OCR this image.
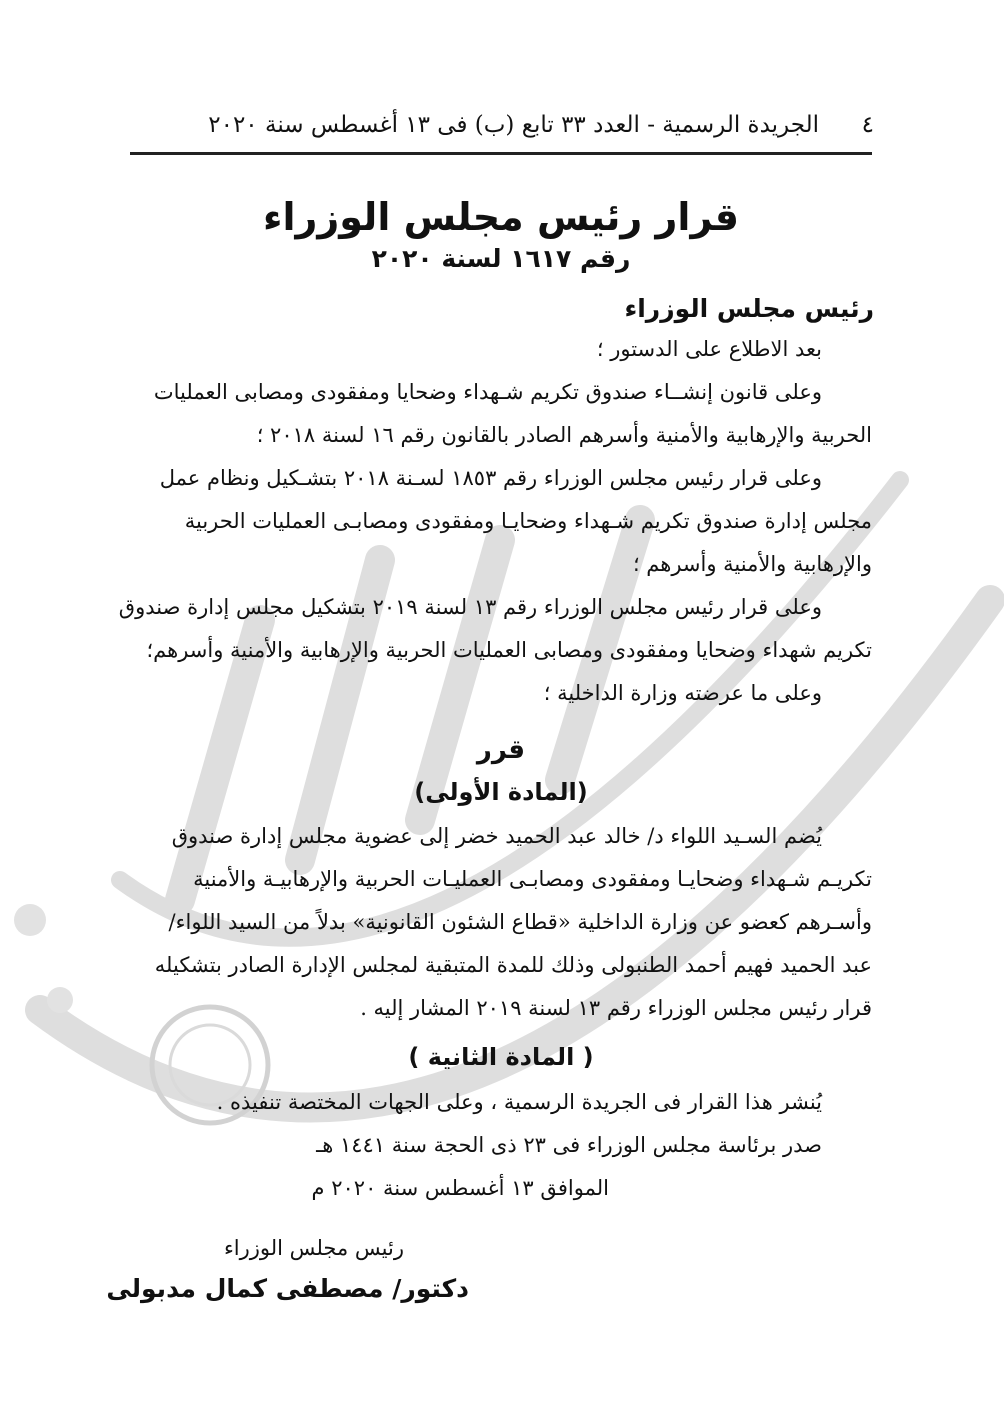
٤
الجريدة الرسمية - العدد ٣٣ تابع (ب) فى ١٣ أغسطس سنة ٢٠٢٠
قرار رئيس مجلس الوزراء
رقم ١٦١٧ لسنة ٢٠٢٠
رئيس مجلس الوزراء
بعد الاطلاع على الدستور ؛
وعلى قانون إنشــاء صندوق تكريم شـهداء وضحايا ومفقودى ومصابى العمليات
الحربية والإرهابية والأمنية وأسرهم الصادر بالقانون رقم ١٦ لسنة ٢٠١٨ ؛
وعلى قرار رئيس مجلس الوزراء رقم ١٨٥٣ لسـنة ٢٠١٨ بتشـكيل ونظام عمل
مجلس إدارة صندوق تكريم شـهداء وضحايـا ومفقودى ومصابـى العمليات الحربية
والإرهابية والأمنية وأسرهم ؛
وعلى قرار رئيس مجلس الوزراء رقم ١٣ لسنة ٢٠١٩ بتشكيل مجلس إدارة صندوق
تكريم شهداء وضحايا ومفقودى ومصابى العمليات الحربية والإرهابية والأمنية وأسرهم؛
وعلى ما عرضته وزارة الداخلية ؛
قرر
(المادة الأولى)
يُضم السـيد اللواء د/ خالد عبد الحميد خضر إلى عضوية مجلس إدارة صندوق
تكريـم شـهداء وضحايـا ومفقودى ومصابـى العمليـات الحربية والإرهابيـة والأمنية
وأسـرهم كعضو عن وزارة الداخلية «قطاع الشئون القانونية» بدلاً من السيد اللواء/
عبد الحميد فهيم أحمد الطنبولى وذلك للمدة المتبقية لمجلس الإدارة الصادر بتشكيله
قرار رئيس مجلس الوزراء رقم ١٣ لسنة ٢٠١٩ المشار إليه .
( المادة الثانية )
يُنشر هذا القرار فى الجريدة الرسمية ، وعلى الجهات المختصة تنفيذه .
صدر برئاسة مجلس الوزراء فى ٢٣ ذى الحجة سنة ١٤٤١ هـ
الموافق ١٣ أغسطس سنة ٢٠٢٠ م
رئيس مجلس الوزراء
دكتور/ مصطفى كمال مدبولى
